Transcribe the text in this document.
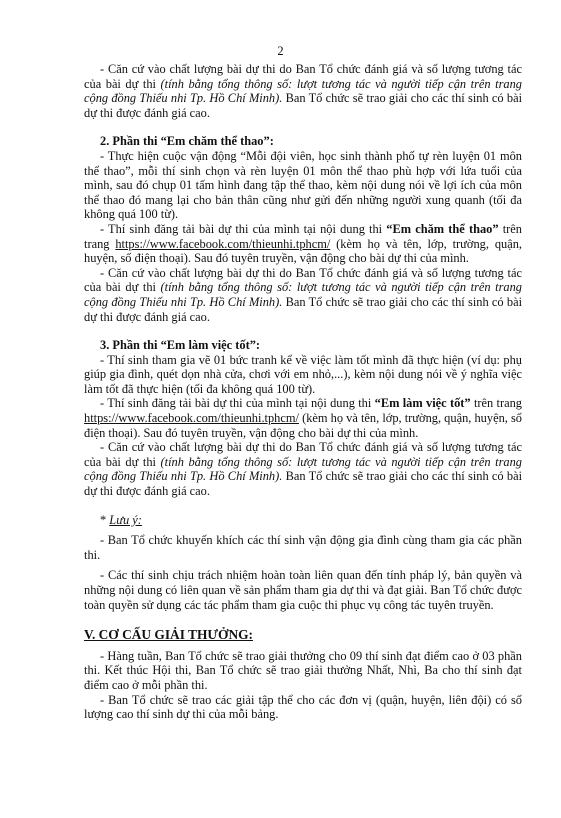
2

- Căn cứ vào chất lượng bài dự thi do Ban Tổ chức đánh giá và số lượng tương tác của bài dự thi (tính bằng tổng thông số: lượt tương tác và người tiếp cận trên trang cộng đồng Thiếu nhi Tp. Hồ Chí Minh). Ban Tổ chức sẽ trao giải cho các thí sinh có bài dự thi được đánh giá cao.

2. Phần thi “Em chăm thể thao”:

- Thực hiện cuộc vận động “Mỗi đội viên, học sinh thành phố tự rèn luyện 01 môn thể thao”, mỗi thí sinh chọn và rèn luyện 01 môn thể thao phù hợp với lứa tuổi của mình, sau đó chụp 01 tấm hình đang tập thể thao, kèm nội dung nói về lợi ích của môn thể thao đó mang lại cho bản thân cũng như gửi đến những người xung quanh (tối đa không quá 100 từ).

- Thí sinh đăng tải bài dự thi của mình tại nội dung thi “Em chăm thể thao” trên trang https://www.facebook.com/thieunhi.tphcm/ (kèm họ và tên, lớp, trường, quận, huyện, số điện thoại). Sau đó tuyên truyền, vận động cho bài dự thi của mình.

- Căn cứ vào chất lượng bài dự thi do Ban Tổ chức đánh giá và số lượng tương tác của bài dự thi (tính bằng tổng thông số: lượt tương tác và người tiếp cận trên trang cộng đồng Thiếu nhi Tp. Hồ Chí Minh). Ban Tổ chức sẽ trao giải cho các thí sinh có bài dự thi được đánh giá cao.

3. Phần thi “Em làm việc tốt”:

- Thí sinh tham gia vẽ 01 bức tranh kể về việc làm tốt mình đã thực hiện (ví dụ: phụ giúp gia đình, quét dọn nhà cửa, chơi với em nhỏ,...), kèm nội dung nói về ý nghĩa việc làm tốt đã thực hiện (tối đa không quá 100 từ).

- Thí sinh đăng tải bài dự thi của mình tại nội dung thi “Em làm việc tốt” trên trang https://www.facebook.com/thieunhi.tphcm/ (kèm họ và tên, lớp, trường, quận, huyện, số điện thoại). Sau đó tuyên truyền, vận động cho bài dự thi của mình.

- Căn cứ vào chất lượng bài dự thi do Ban Tổ chức đánh giá và số lượng tương tác của bài dự thi (tính bằng tổng thông số: lượt tương tác và người tiếp cận trên trang cộng đồng Thiếu nhi Tp. Hồ Chí Minh). Ban Tổ chức sẽ trao giải cho các thí sinh có bài dự thi được đánh giá cao.

* Lưu ý:

- Ban Tổ chức khuyến khích các thí sinh vận động gia đình cùng tham gia các phần thi.

- Các thí sinh chịu trách nhiệm hoàn toàn liên quan đến tính pháp lý, bản quyền và những nội dung có liên quan về sản phẩm tham gia dự thi và đạt giải. Ban Tổ chức được toàn quyền sử dụng các tác phẩm tham gia cuộc thi phục vụ công tác tuyên truyền.

V. CƠ CẤU GIẢI THƯỞNG:

- Hàng tuần, Ban Tổ chức sẽ trao giải thưởng cho 09 thí sinh đạt điểm cao ở 03 phần thi. Kết thúc Hội thi, Ban Tổ chức sẽ trao giải thưởng Nhất, Nhì, Ba cho thí sinh đạt điểm cao ở mỗi phần thi.

- Ban Tổ chức sẽ trao các giải tập thể cho các đơn vị (quận, huyện, liên đội) có số lượng cao thí sinh dự thi của mỗi bảng.
